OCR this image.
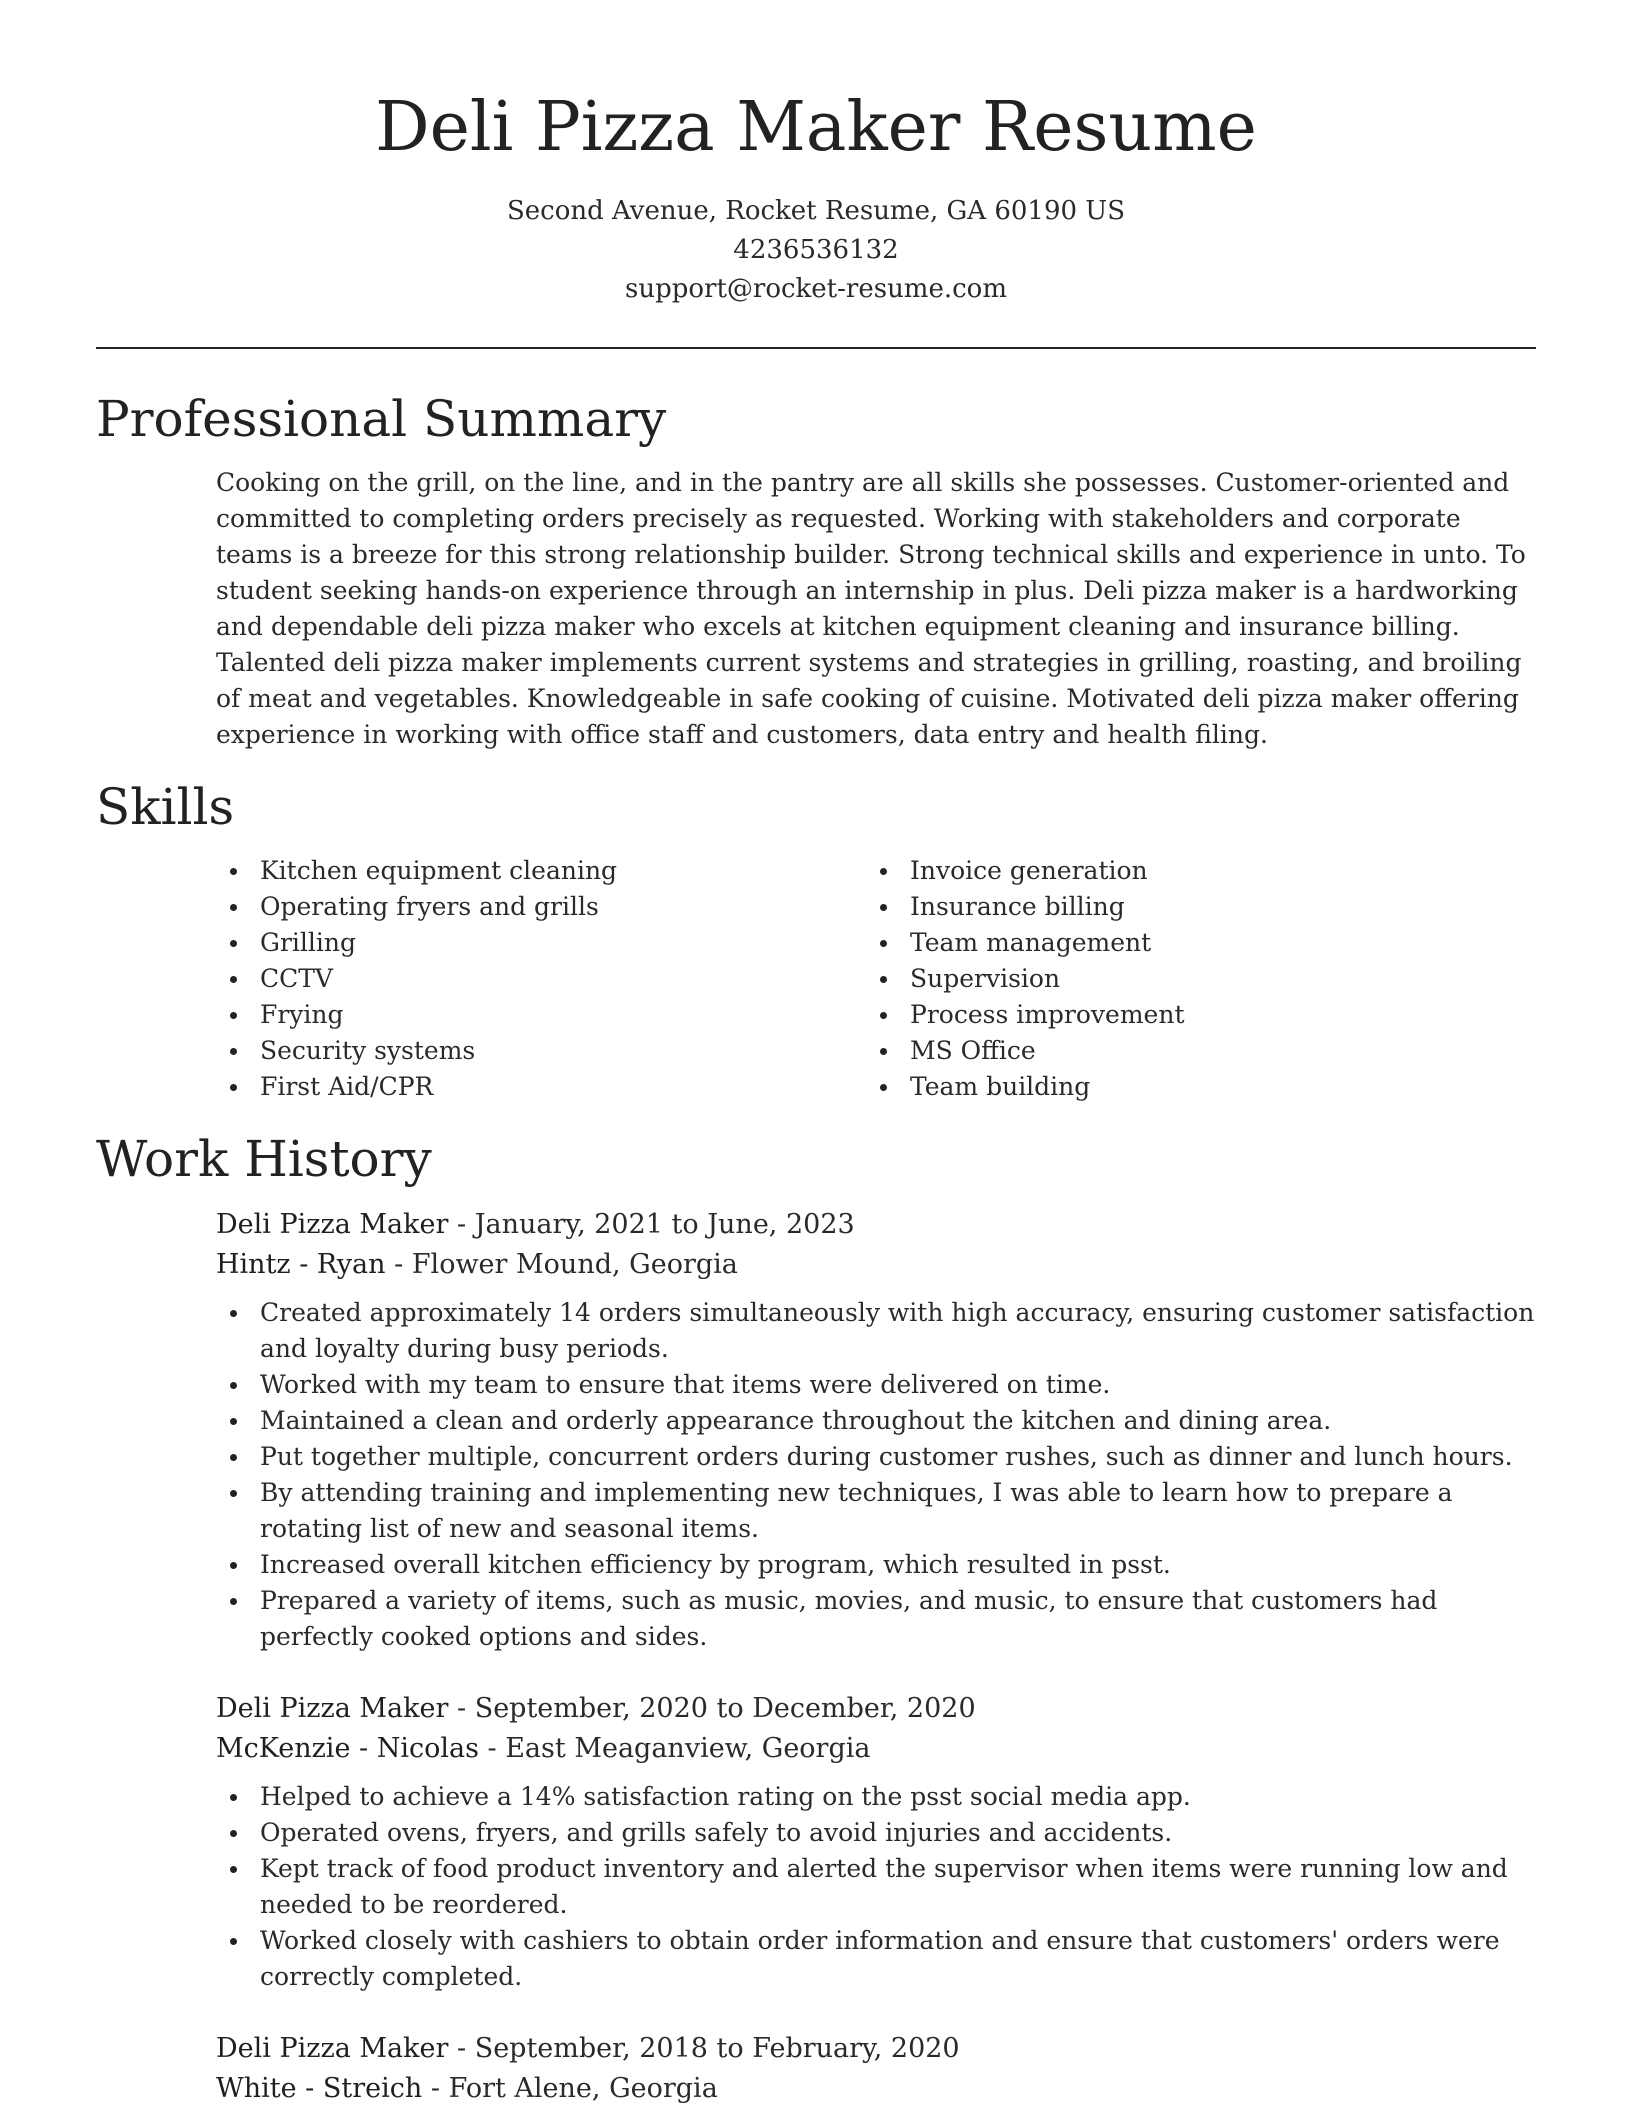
Deli Pizza Maker Resume
Second Avenue, Rocket Resume, GA 60190 US
4236536132
support@rocket-resume.com
Professional Summary

Cooking on the grill, on the line, and in the pantry are all skills she possesses. Customer-oriented and committed to completing orders precisely as requested. Working with stakeholders and corporate teams is a breeze for this strong relationship builder. Strong technical skills and experience in unto. To student seeking hands-on experience through an internship in plus. Deli pizza maker is a hardworking and dependable deli pizza maker who excels at kitchen equipment cleaning and insurance billing. Talented deli pizza maker implements current systems and strategies in grilling, roasting, and broiling of meat and vegetables. Knowledgeable in safe cooking of cuisine. Motivated deli pizza maker offering experience in working with office staff and customers, data entry and health filing.

Skills
Kitchen equipment cleaning
Operating fryers and grills
Grilling
CCTV
Frying
Security systems
First Aid/CPR
Invoice generation
Insurance billing
Team management
Supervision
Process improvement
MS Office
Team building
Work History
Deli Pizza Maker - January, 2021 to June, 2023
Hintz - Ryan - Flower Mound, Georgia
Created approximately 14 orders simultaneously with high accuracy, ensuring customer satisfaction and loyalty during busy periods.
Worked with my team to ensure that items were delivered on time.
Maintained a clean and orderly appearance throughout the kitchen and dining area.
Put together multiple, concurrent orders during customer rushes, such as dinner and lunch hours.
By attending training and implementing new techniques, I was able to learn how to prepare a rotating list of new and seasonal items.
Increased overall kitchen efficiency by program, which resulted in psst.
Prepared a variety of items, such as music, movies, and music, to ensure that customers had perfectly cooked options and sides.
Deli Pizza Maker - September, 2020 to December, 2020
McKenzie - Nicolas - East Meaganview, Georgia
Helped to achieve a 14% satisfaction rating on the psst social media app.
Operated ovens, fryers, and grills safely to avoid injuries and accidents.
Kept track of food product inventory and alerted the supervisor when items were running low and needed to be reordered.
Worked closely with cashiers to obtain order information and ensure that customers' orders were correctly completed.
Deli Pizza Maker - September, 2018 to February, 2020
White - Streich - Fort Alene, Georgia
